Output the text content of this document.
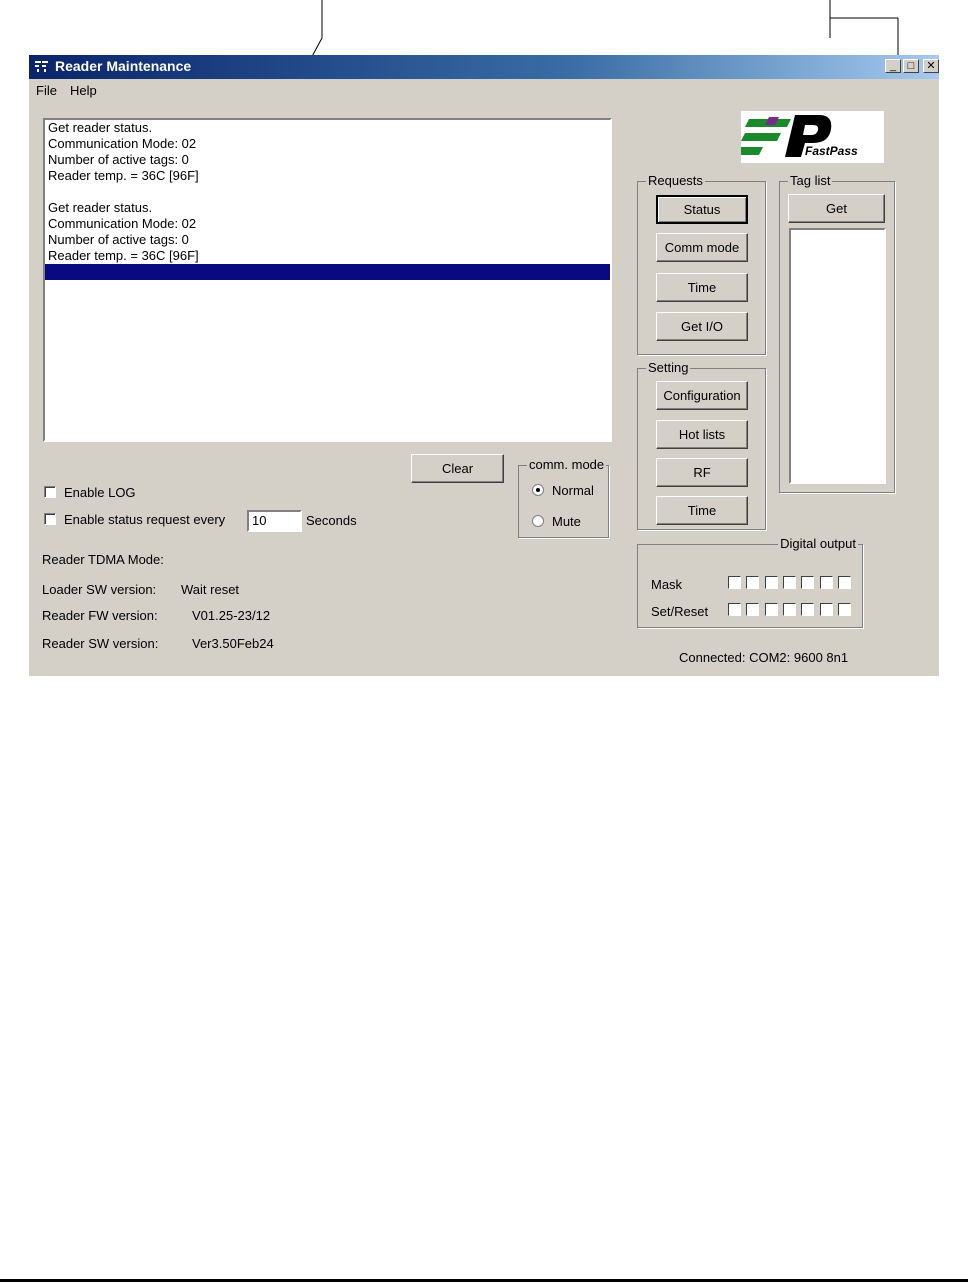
Reader Maintenance	_	□	✕
File Help
Get reader status.
Communication Mode: 02
Number of active tags: 0
Reader temp. = 36C [96F]
Get reader status.
Communication Mode: 02
Number of active tags: 0
Reader temp. = 36C [96F]
FastPass
Requests
Status
Comm mode
Time
Get I/O
Tag list
Get
Setting
Configuration
Hot lists
RF
Time
Clear	comm. mode
Normal
Mute
Enable LOG
Enable status request every	10	Seconds
Reader TDMA Mode:
Loader SW version: Wait reset
Reader FW version:	V01.25-23/12
Reader SW version:	Ver3.50Feb24
Digital output
Mask
Set/Reset
Connected: COM2: 9600 8n1
